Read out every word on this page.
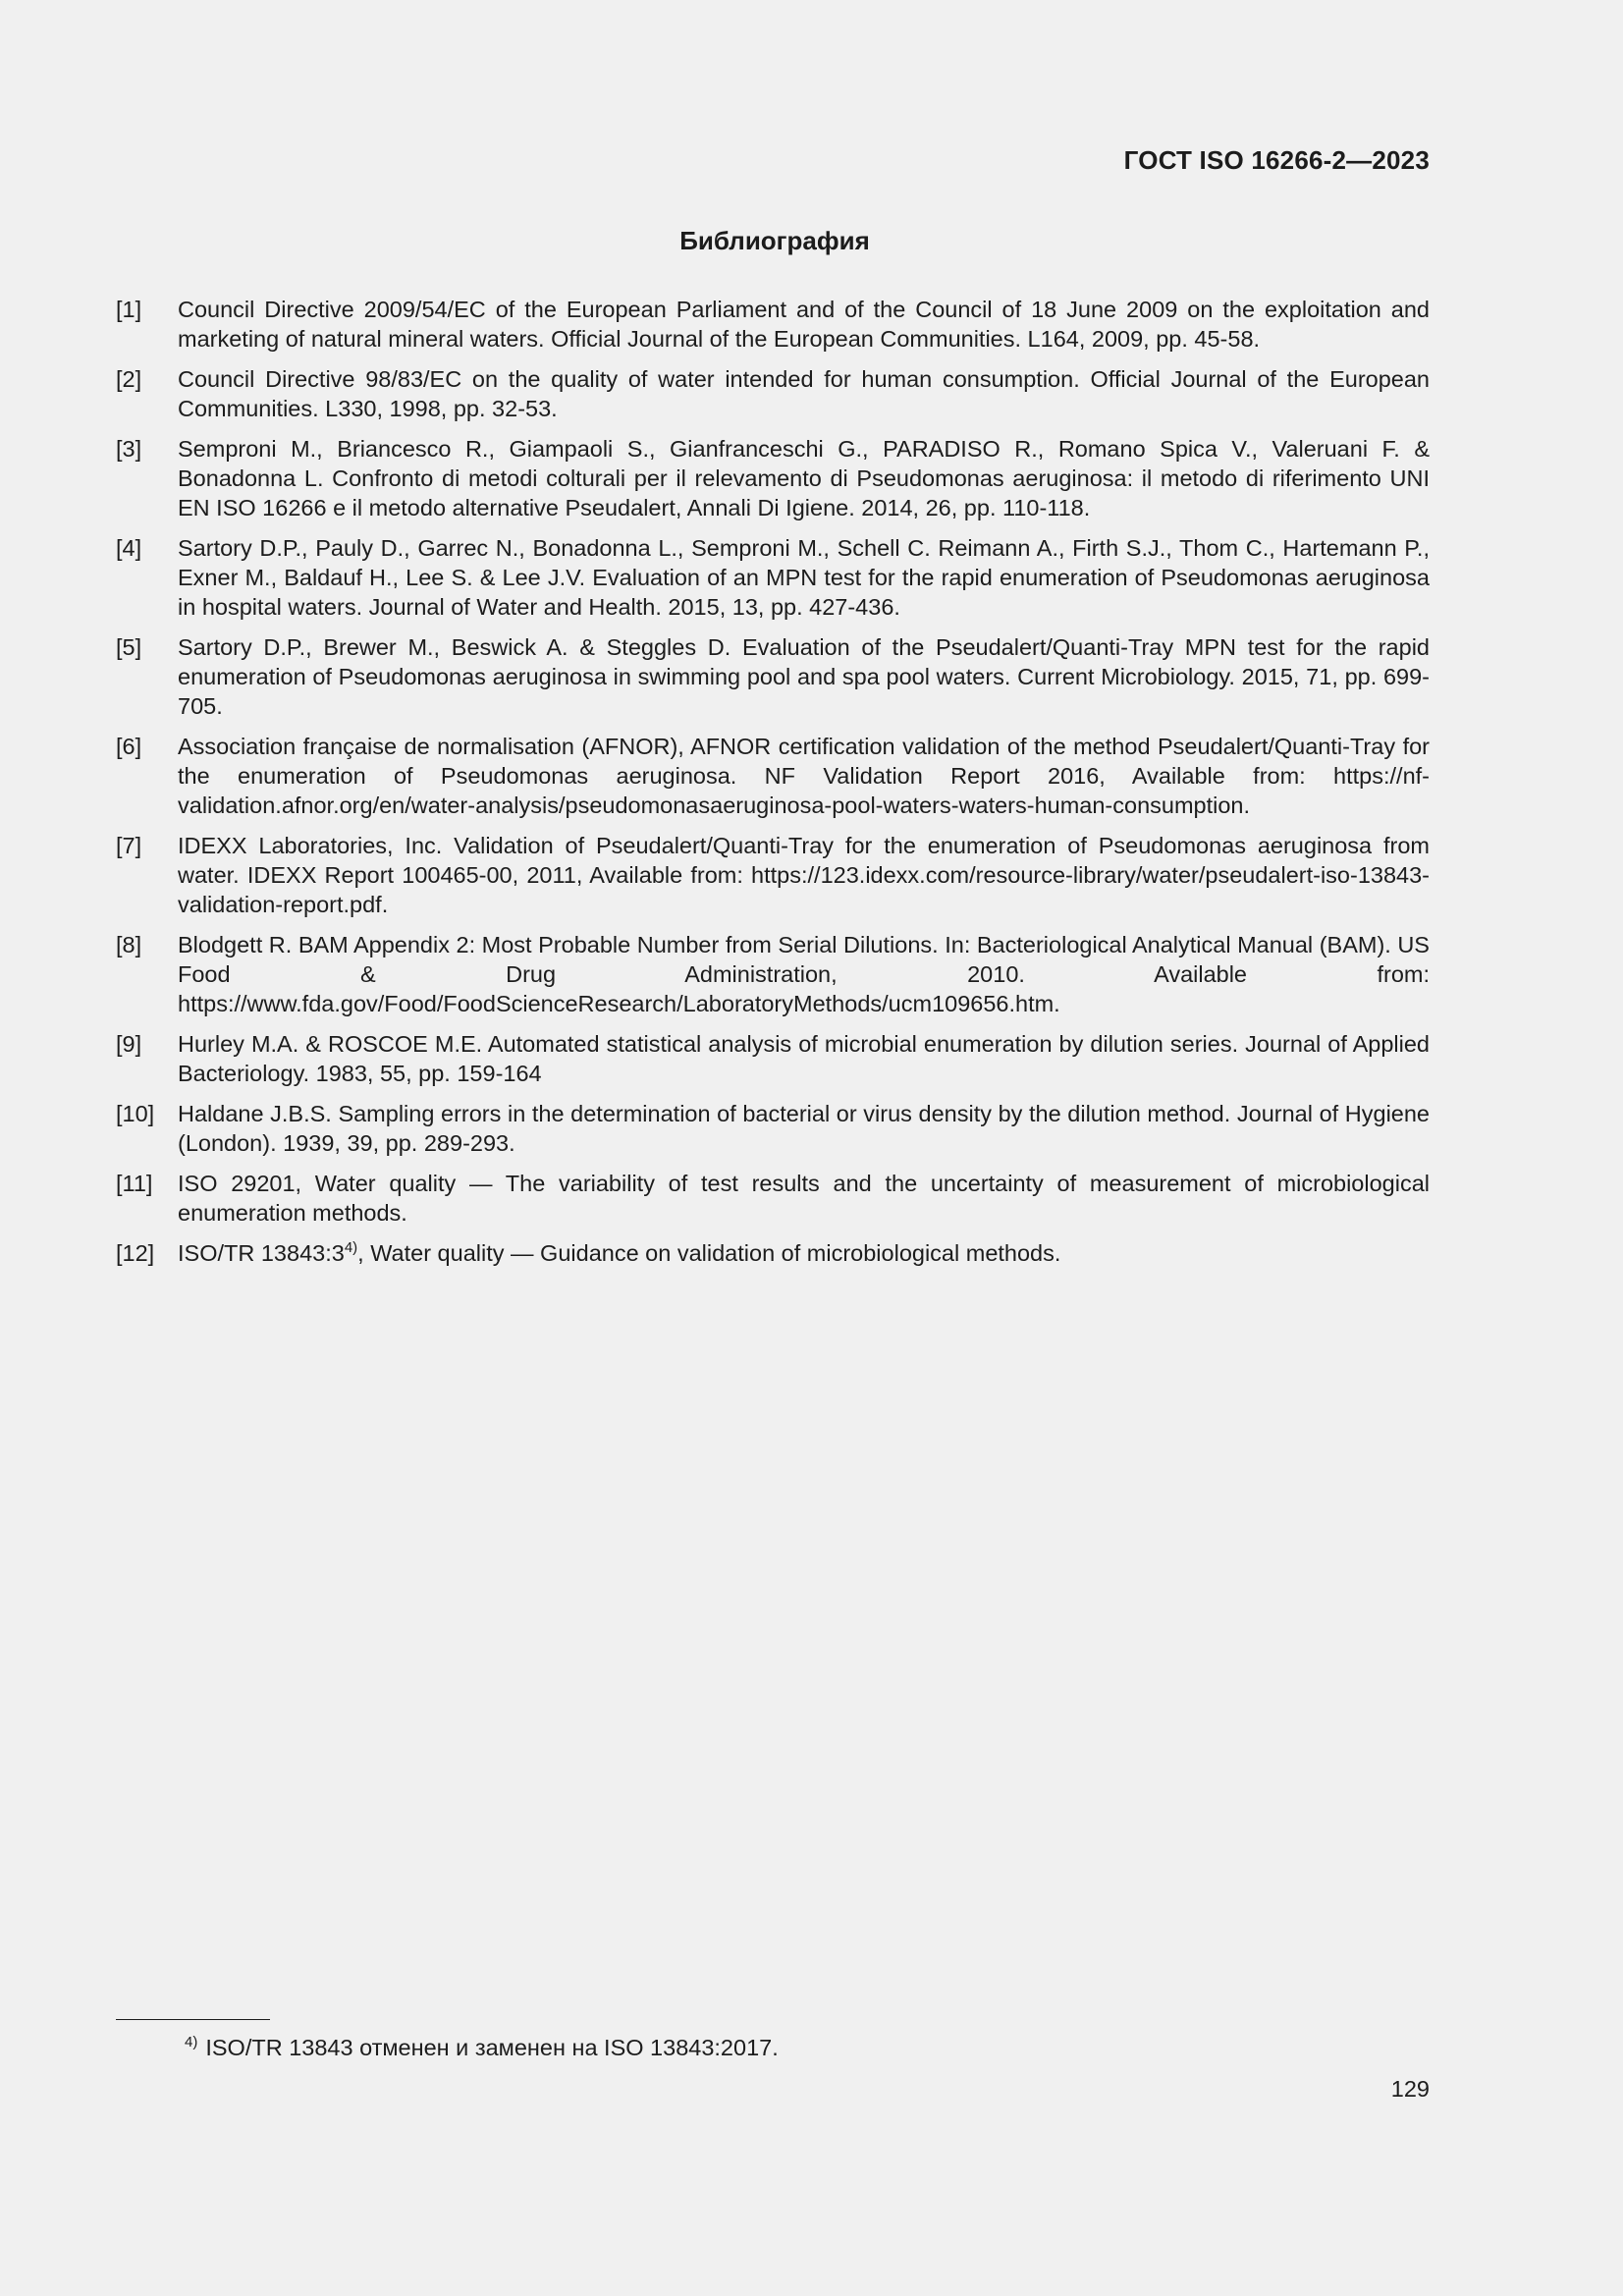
ГОСТ ISO 16266-2—2023
Библиография
[1]	Council Directive 2009/54/EC of the European Parliament and of the Council of 18 June 2009 on the exploitation and marketing of natural mineral waters. Official Journal of the European Communities. L164, 2009, pp. 45-58.
[2]	Council Directive 98/83/EC on the quality of water intended for human consumption. Official Journal of the European Communities. L330, 1998, pp. 32-53.
[3]	Semproni M., Briancesco R., Giampaoli S., Gianfranceschi G., PARADISO R., Romano Spica V., Valeruani F. & Bonadonna L. Confronto di metodi colturali per il relevamento di Pseudomonas aeruginosa: il metodo di riferimento UNI EN ISO 16266 e il metodo alternative Pseudalert, Annali Di Igiene. 2014, 26, pp. 110-118.
[4]	Sartory D.P., Pauly D., Garrec N., Bonadonna L., Semproni M., Schell C. Reimann A., Firth S.J., Thom C., Hartemann P., Exner M., Baldauf H., Lee S. & Lee J.V. Evaluation of an MPN test for the rapid enumeration of Pseudomonas aeruginosa in hospital waters. Journal of Water and Health. 2015, 13, pp. 427-436.
[5]	Sartory D.P., Brewer M., Beswick A. & Steggles D. Evaluation of the Pseudalert/Quanti-Tray MPN test for the rapid enumeration of Pseudomonas aeruginosa in swimming pool and spa pool waters. Current Microbiology. 2015, 71, pp. 699-705.
[6]	Association française de normalisation (AFNOR), AFNOR certification validation of the method Pseudalert/Quanti-Tray for the enumeration of Pseudomonas aeruginosa. NF Validation Report 2016, Available from: https://nf-validation.afnor.org/en/water-analysis/pseudomonasaeruginosa-pool-waters-waters-human-consumption.
[7]	IDEXX Laboratories, Inc. Validation of Pseudalert/Quanti-Tray for the enumeration of Pseudomonas aeruginosa from water. IDEXX Report 100465-00, 2011, Available from: https://123.idexx.com/resource-library/water/pseudalert-iso-13843-validation-report.pdf.
[8]	Blodgett R. BAM Appendix 2: Most Probable Number from Serial Dilutions. In: Bacteriological Analytical Manual (BAM). US Food & Drug Administration, 2010. Available from: https://www.fda.gov/Food/FoodScienceResearch/LaboratoryMethods/ucm109656.htm.
[9]	Hurley M.A. & ROSCOE M.E. Automated statistical analysis of microbial enumeration by dilution series. Journal of Applied Bacteriology. 1983, 55, pp. 159-164
[10]	Haldane J.B.S. Sampling errors in the determination of bacterial or virus density by the dilution method. Journal of Hygiene (London). 1939, 39, pp. 289-293.
[11]	ISO 29201, Water quality — The variability of test results and the uncertainty of measurement of microbiological enumeration methods.
[12]	ISO/TR 13843:3$^{4)}$, Water quality — Guidance on validation of microbiological methods.
$^{4)}$ ISO/TR 13843 отменен и заменен на ISO 13843:2017.
129
